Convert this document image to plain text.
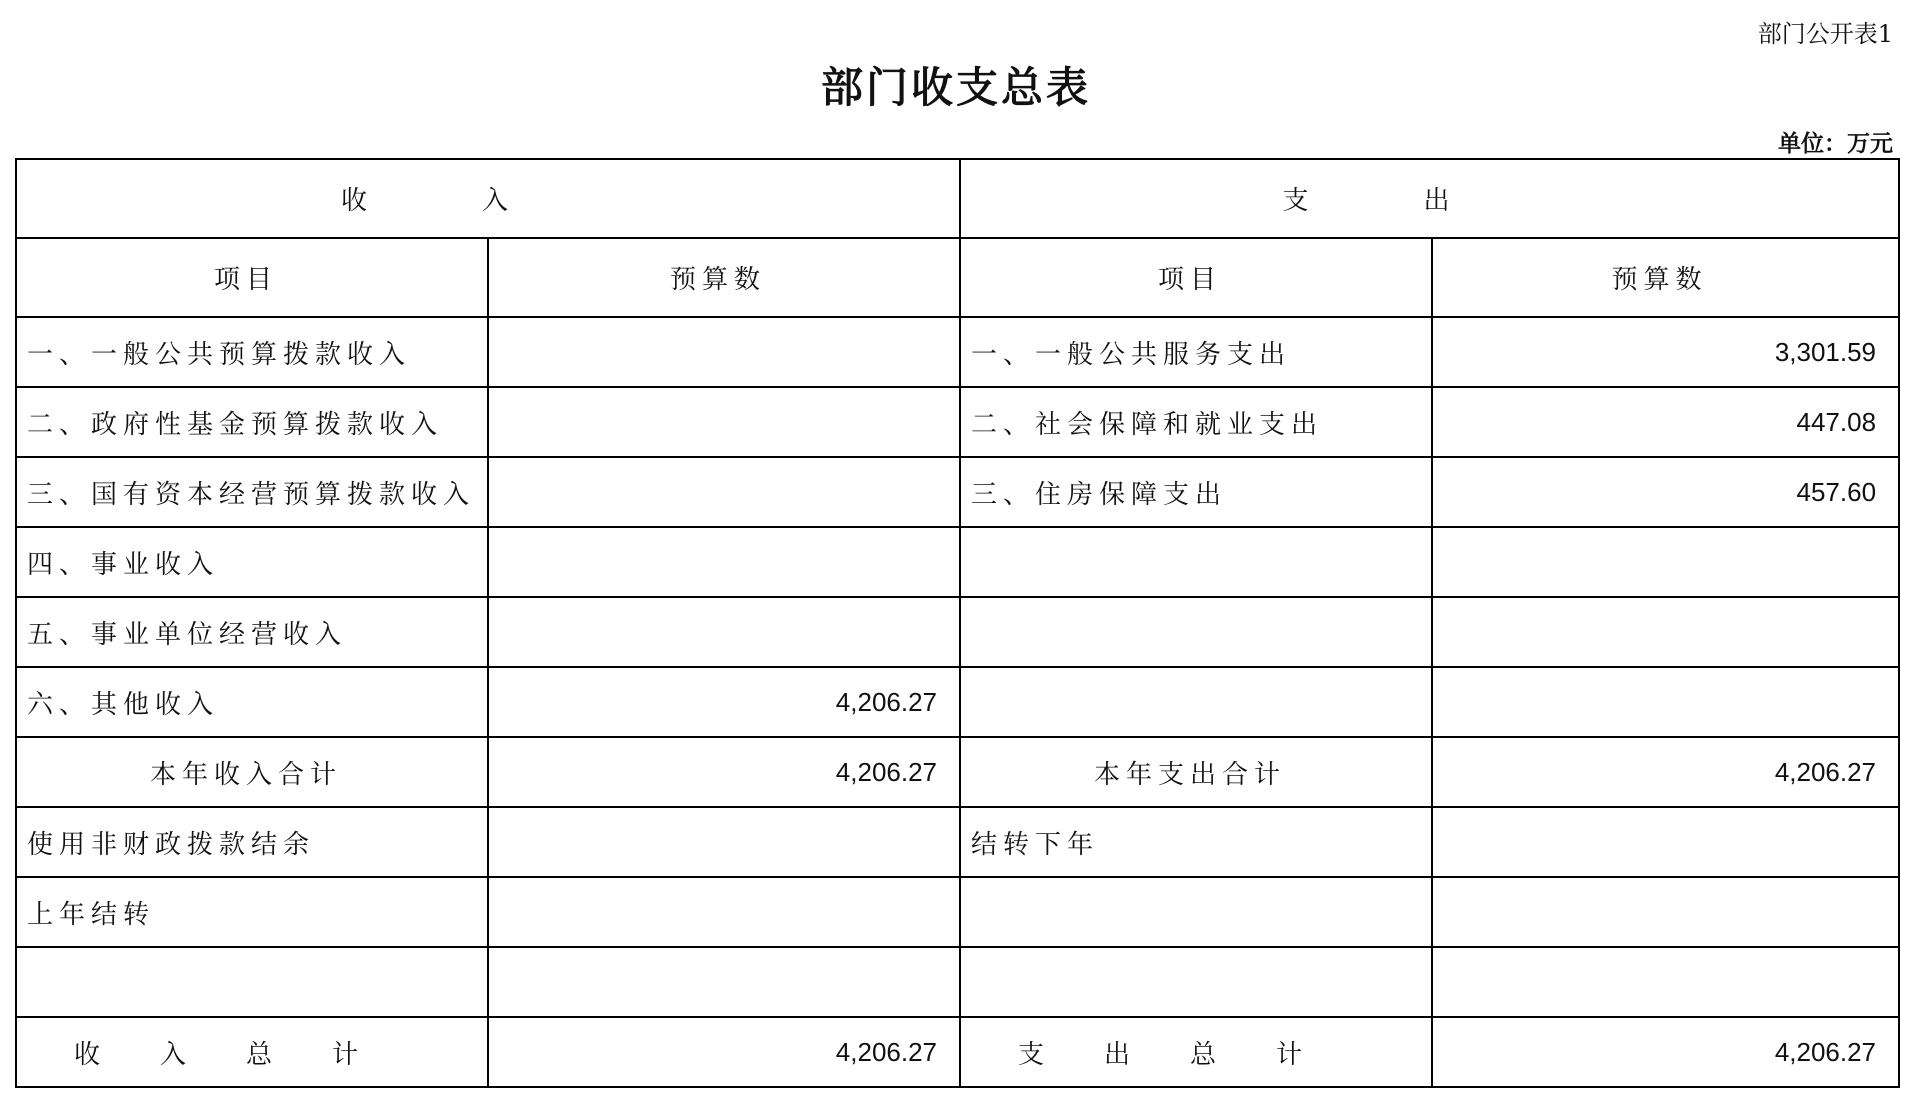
部门公开表1
部门收支总表
单位：万元
收入		支出	
项目	预算数	项目	预算数
一、一般公共预算拨款收入		一、一般公共服务支出	3,301.59
二、政府性基金预算拨款收入		二、社会保障和就业支出	447.08
三、国有资本经营预算拨款收入		三、住房保障支出	457.60
四、事业收入			
五、事业单位经营收入			
六、其他收入	4,206.27		
本年收入合计	4,206.27	本年支出合计	4,206.27
使用非财政拨款结余		结转下年	
上年结转			

收入总计	4,206.27	支出总计	4,206.27
